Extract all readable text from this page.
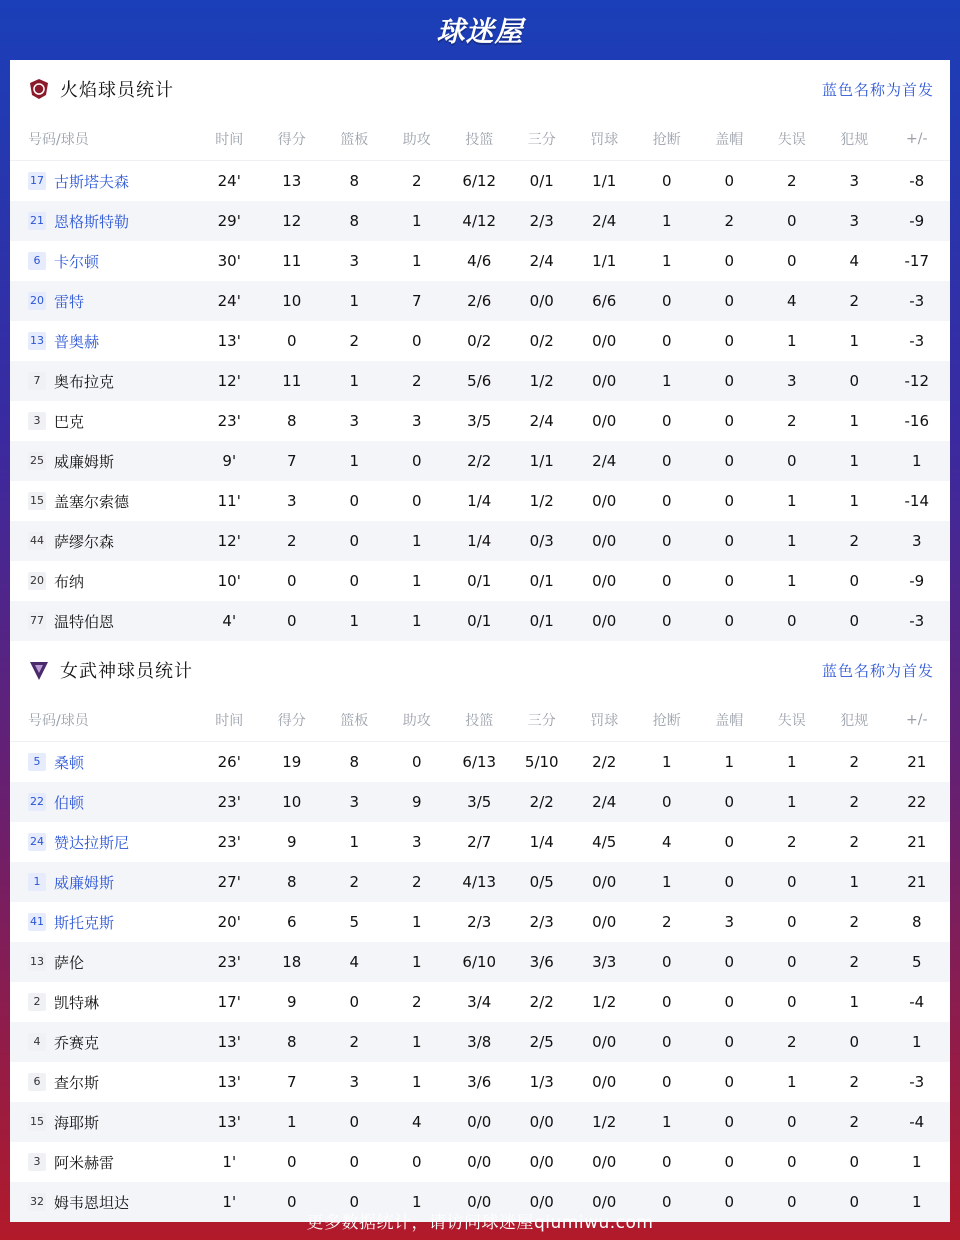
球迷屋
火焰球员统计	蓝色名称为首发
号码/球员	时间	得分	篮板	助攻	投篮	三分	罚球	抢断	盖帽	失误	犯规	+/-
17 古斯塔夫森	24'	13	8	2	6/12	0/1	1/1	0	0	2	3	-8
21 恩格斯特勒	29'	12	8	1	4/12	2/3	2/4	1	2	0	3	-9
6 卡尔顿	30'	11	3	1	4/6	2/4	1/1	1	0	0	4	-17
20 雷特	24'	10	1	7	2/6	0/0	6/6	0	0	4	2	-3
13 普奥赫	13'	0	2	0	0/2	0/2	0/0	0	0	1	1	-3
7 奥布拉克	12'	11	1	2	5/6	1/2	0/0	1	0	3	0	-12
3 巴克	23'	8	3	3	3/5	2/4	0/0	0	0	2	1	-16
25 威廉姆斯	9'	7	1	0	2/2	1/1	2/4	0	0	0	1	1
15 盖塞尔索德	11'	3	0	0	1/4	1/2	0/0	0	0	1	1	-14
44 萨缪尔森	12'	2	0	1	1/4	0/3	0/0	0	0	1	2	3
20 布纳	10'	0	0	1	0/1	0/1	0/0	0	0	1	0	-9
77 温特伯恩	4'	0	1	1	0/1	0/1	0/0	0	0	0	0	-3
女武神球员统计	蓝色名称为首发
号码/球员	时间	得分	篮板	助攻	投篮	三分	罚球	抢断	盖帽	失误	犯规	+/-
5 桑顿	26'	19	8	0	6/13	5/10	2/2	1	1	1	2	21
22 伯顿	23'	10	3	9	3/5	2/2	2/4	0	0	1	2	22
24 赞达拉斯尼	23'	9	1	3	2/7	1/4	4/5	4	0	2	2	21
1 威廉姆斯	27'	8	2	2	4/13	0/5	0/0	1	0	0	1	21
41 斯托克斯	20'	6	5	1	2/3	2/3	0/0	2	3	0	2	8
13 萨伦	23'	18	4	1	6/10	3/6	3/3	0	0	0	2	5
2 凯特琳	17'	9	0	2	3/4	2/2	1/2	0	0	0	1	-4
4 乔赛克	13'	8	2	1	3/8	2/5	0/0	0	0	2	0	1
6 查尔斯	13'	7	3	1	3/6	1/3	0/0	0	0	1	2	-3
15 海耶斯	13'	1	0	4	0/0	0/0	1/2	1	0	0	2	-4
3 阿米赫雷	1'	0	0	0	0/0	0/0	0/0	0	0	0	0	1
32 姆韦恩坦达	1'	0	0	1	0/0	0/0	0/0	0	0	0	0	1
更多数据统计，请访问球迷屋qiumiwu.com
